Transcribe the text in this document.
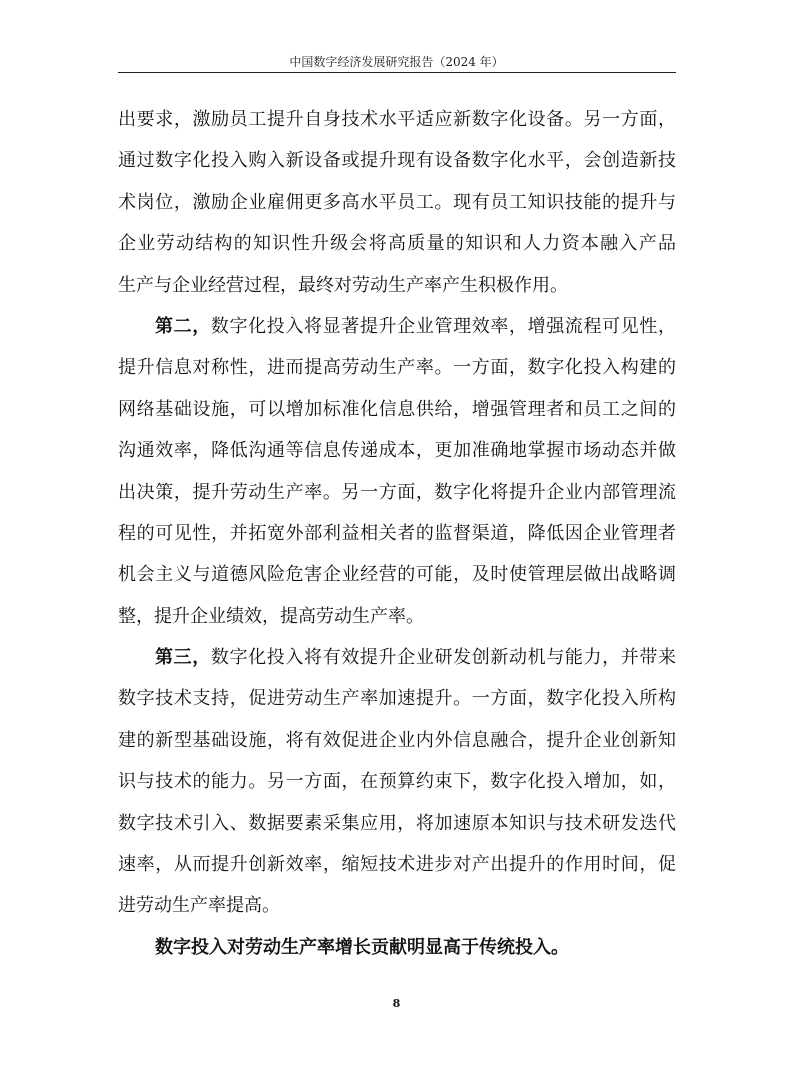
中国数字经济发展研究报告（2024 年）
出要求，激励员工提升自身技术水平适应新数字化设备。另一方面，
通过数字化投入购入新设备或提升现有设备数字化水平，会创造新技
术岗位，激励企业雇佣更多高水平员工。现有员工知识技能的提升与
企业劳动结构的知识性升级会将高质量的知识和人力资本融入产品
生产与企业经营过程，最终对劳动生产率产生积极作用。
第二，数字化投入将显著提升企业管理效率，增强流程可见性，
提升信息对称性，进而提高劳动生产率。一方面，数字化投入构建的
网络基础设施，可以增加标准化信息供给，增强管理者和员工之间的
沟通效率，降低沟通等信息传递成本，更加准确地掌握市场动态并做
出决策，提升劳动生产率。另一方面，数字化将提升企业内部管理流
程的可见性，并拓宽外部利益相关者的监督渠道，降低因企业管理者
机会主义与道德风险危害企业经营的可能，及时使管理层做出战略调
整，提升企业绩效，提高劳动生产率。
第三，数字化投入将有效提升企业研发创新动机与能力，并带来
数字技术支持，促进劳动生产率加速提升。一方面，数字化投入所构
建的新型基础设施，将有效促进企业内外信息融合，提升企业创新知
识与技术的能力。另一方面，在预算约束下，数字化投入增加，如，
数字技术引入、数据要素采集应用，将加速原本知识与技术研发迭代
速率，从而提升创新效率，缩短技术进步对产出提升的作用时间，促
进劳动生产率提高。
数字投入对劳动生产率增长贡献明显高于传统投入。
8
